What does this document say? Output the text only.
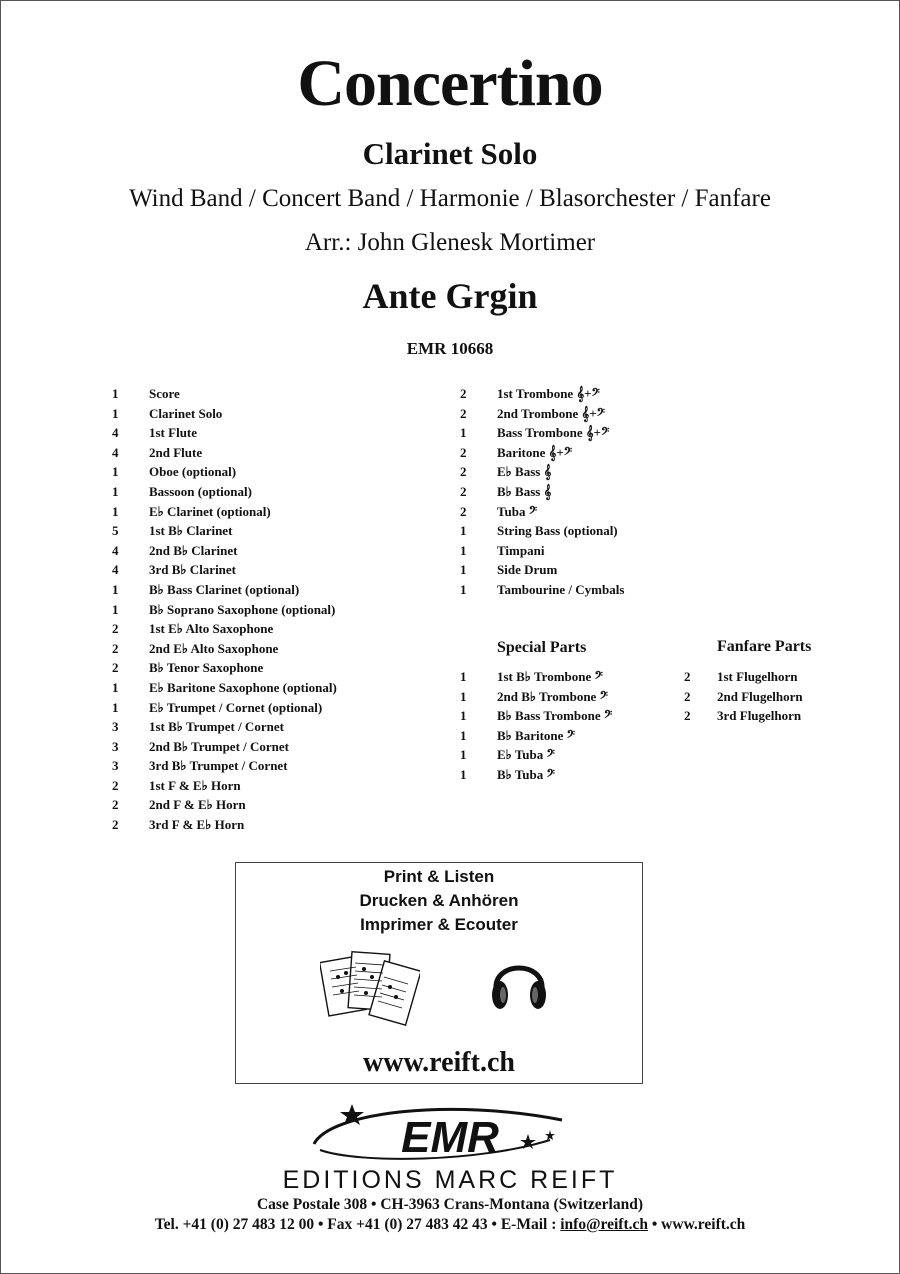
Concertino
Clarinet Solo
Wind Band / Concert Band / Harmonie / Blasorchester / Fanfare
Arr.: John Glenesk Mortimer
Ante Grgin
EMR 10668
1	Score
1	Clarinet Solo
4	1st Flute
4	2nd Flute
1	Oboe (optional)
1	Bassoon (optional)
1	E♭ Clarinet (optional)
5	1st B♭ Clarinet
4	2nd B♭ Clarinet
4	3rd B♭ Clarinet
1	B♭ Bass Clarinet (optional)
1	B♭ Soprano Saxophone (optional)
2	1st E♭ Alto Saxophone
2	2nd E♭ Alto Saxophone
2	B♭ Tenor Saxophone
1	E♭ Baritone Saxophone (optional)
1	E♭ Trumpet / Cornet (optional)
3	1st B♭ Trumpet / Cornet
3	2nd B♭ Trumpet / Cornet
3	3rd B♭ Trumpet / Cornet
2	1st F & E♭ Horn
2	2nd F & E♭ Horn
2	3rd F & E♭ Horn
2	1st Trombone 𝄞+𝄢
2	2nd Trombone 𝄞+𝄢
1	Bass Trombone 𝄞+𝄢
2	Baritone 𝄞+𝄢
2	E♭ Bass 𝄞
2	B♭ Bass 𝄞
2	Tuba 𝄢
1	String Bass (optional)
1	Timpani
1	Side Drum
1	Tambourine / Cymbals
Special Parts
1	1st B♭ Trombone 𝄢
1	2nd B♭ Trombone 𝄢
1	B♭ Bass Trombone 𝄢
1	B♭ Baritone 𝄢
1	E♭ Tuba 𝄢
1	B♭ Tuba 𝄢
Fanfare Parts
2	1st Flugelhorn
2	2nd Flugelhorn
2	3rd Flugelhorn
Print & Listen
Drucken & Anhören
Imprimer & Ecouter
www.reift.ch
EMR
EDITIONS MARC REIFT
Case Postale 308 • CH-3963 Crans-Montana (Switzerland)
Tel. +41 (0) 27 483 12 00 • Fax +41 (0) 27 483 42 43 • E-Mail : info@reift.ch • www.reift.ch
